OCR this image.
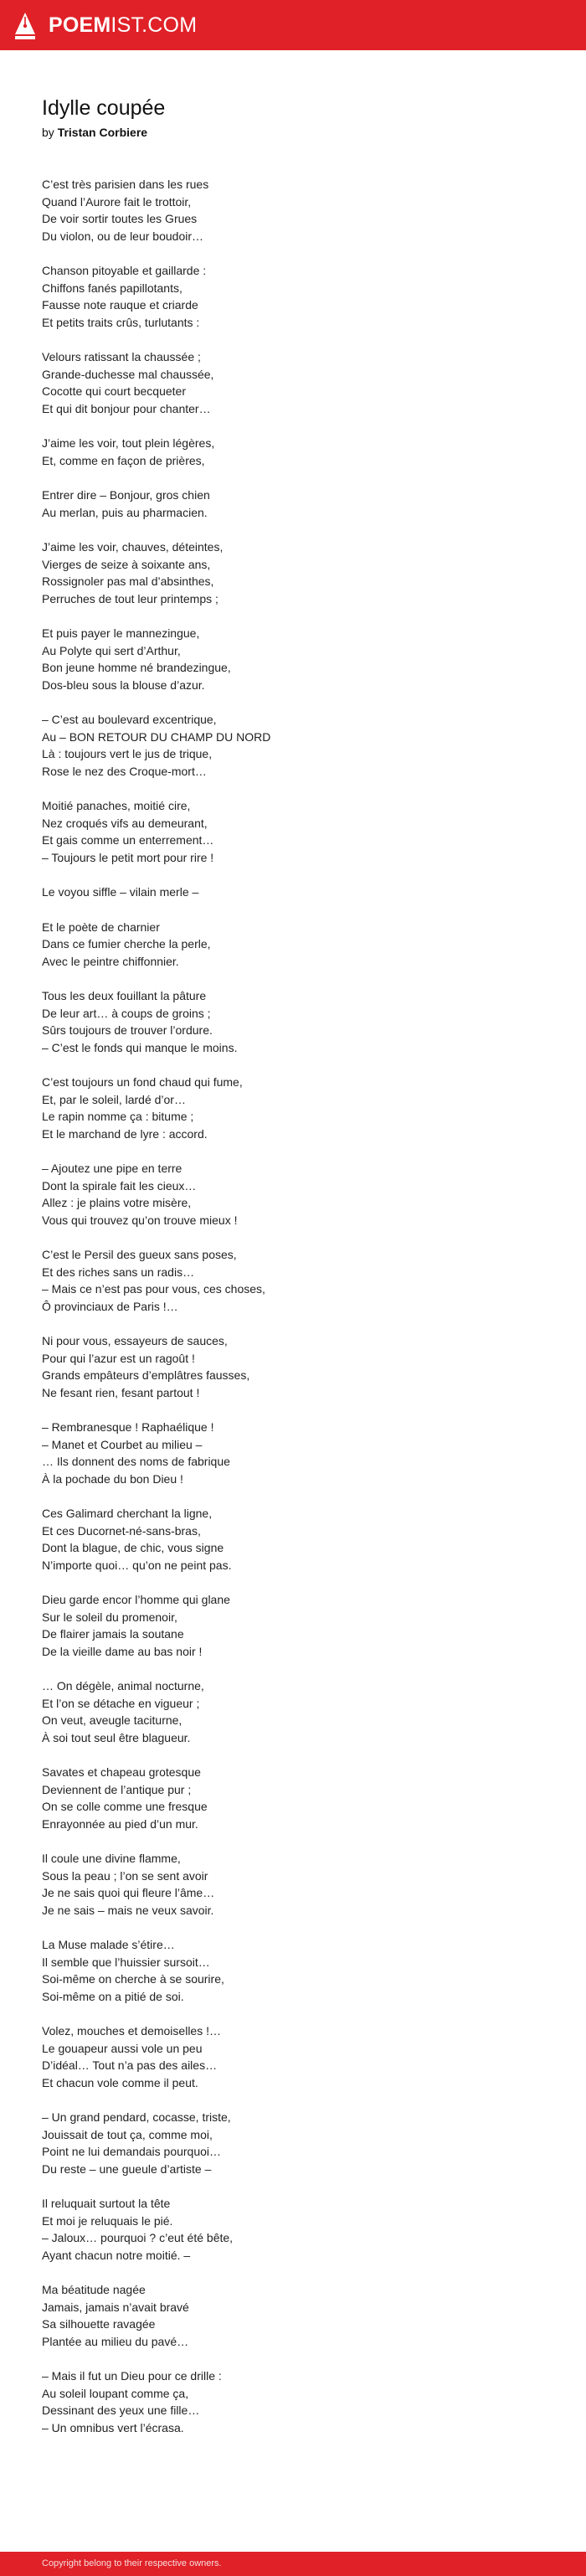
POEMIST.COM
Idylle coupée
by Tristan Corbiere
C’est très parisien dans les rues
Quand l’Aurore fait le trottoir,
De voir sortir toutes les Grues
Du violon, ou de leur boudoir…
Chanson pitoyable et gaillarde :
Chiffons fanés papillotants,
Fausse note rauque et criarde
Et petits traits crûs, turlutants :
Velours ratissant la chaussée ;
Grande-duchesse mal chaussée,
Cocotte qui court becqueter
Et qui dit bonjour pour chanter…
J’aime les voir, tout plein légères,
Et, comme en façon de prières,
Entrer dire – Bonjour, gros chien
Au merlan, puis au pharmacien.
J’aime les voir, chauves, déteintes,
Vierges de seize à soixante ans,
Rossignoler pas mal d’absinthes,
Perruches de tout leur printemps ;
Et puis payer le mannezingue,
Au Polyte qui sert d’Arthur,
Bon jeune homme né brandezingue,
Dos-bleu sous la blouse d’azur.
– C’est au boulevard excentrique,
Au – BON RETOUR DU CHAMP DU NORD
Là : toujours vert le jus de trique,
Rose le nez des Croque-mort…
Moitié panaches, moitié cire,
Nez croqués vifs au demeurant,
Et gais comme un enterrement…
– Toujours le petit mort pour rire !
Le voyou siffle – vilain merle –
Et le poète de charnier
Dans ce fumier cherche la perle,
Avec le peintre chiffonnier.
Tous les deux fouillant la pâture
De leur art… à coups de groins ;
Sûrs toujours de trouver l’ordure.
– C’est le fonds qui manque le moins.
C’est toujours un fond chaud qui fume,
Et, par le soleil, lardé d’or…
Le rapin nomme ça : bitume ;
Et le marchand de lyre : accord.
– Ajoutez une pipe en terre
Dont la spirale fait les cieux…
Allez : je plains votre misère,
Vous qui trouvez qu’on trouve mieux !
C’est le Persil des gueux sans poses,
Et des riches sans un radis…
– Mais ce n’est pas pour vous, ces choses,
Ô provinciaux de Paris !…
Ni pour vous, essayeurs de sauces,
Pour qui l’azur est un ragoût !
Grands empâteurs d’emplâtres fausses,
Ne fesant rien, fesant partout !
– Rembranesque ! Raphaélique !
– Manet et Courbet au milieu –
… Ils donnent des noms de fabrique
À la pochade du bon Dieu !
Ces Galimard cherchant la ligne,
Et ces Ducornet-né-sans-bras,
Dont la blague, de chic, vous signe
N’importe quoi… qu’on ne peint pas.
Dieu garde encor l’homme qui glane
Sur le soleil du promenoir,
De flairer jamais la soutane
De la vieille dame au bas noir !
… On dégèle, animal nocturne,
Et l’on se détache en vigueur ;
On veut, aveugle taciturne,
À soi tout seul être blagueur.
Savates et chapeau grotesque
Deviennent de l’antique pur ;
On se colle comme une fresque
Enrayonnée au pied d’un mur.
Il coule une divine flamme,
Sous la peau ; l’on se sent avoir
Je ne sais quoi qui fleure l’âme…
Je ne sais – mais ne veux savoir.
La Muse malade s’étire…
Il semble que l’huissier sursoit…
Soi-même on cherche à se sourire,
Soi-même on a pitié de soi.
Volez, mouches et demoiselles !…
Le gouapeur aussi vole un peu
D’idéal… Tout n’a pas des ailes…
Et chacun vole comme il peut.
– Un grand pendard, cocasse, triste,
Jouissait de tout ça, comme moi,
Point ne lui demandais pourquoi…
Du reste – une gueule d’artiste –
Il reluquait surtout la tête
Et moi je reluquais le pié.
– Jaloux… pourquoi ? c’eut été bête,
Ayant chacun notre moitié. –
Ma béatitude nagée
Jamais, jamais n’avait bravé
Sa silhouette ravagée
Plantée au milieu du pavé…
– Mais il fut un Dieu pour ce drille :
Au soleil loupant comme ça,
Dessinant des yeux une fille…
– Un omnibus vert l’écrasa.
Copyright belong to their respective owners.
